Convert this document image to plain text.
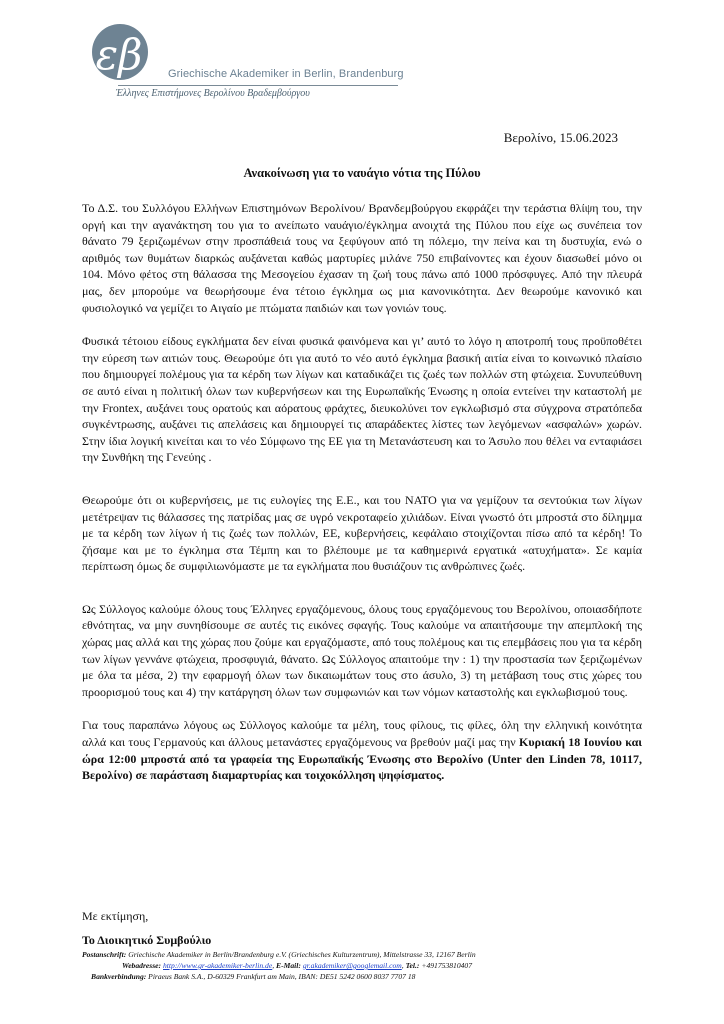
εβ Griechische Akademiker in Berlin, Brandenburg
Έλληνες Επιστήμονες Βερολίνου Βραδεμβούργου
Βερολίνο, 15.06.2023
Ανακοίνωση για το ναυάγιο νότια της Πύλου

Το Δ.Σ. του Συλλόγου Ελλήνων Επιστημόνων Βερολίνου/ Βρανδεμβούργου εκφράζει την τεράστια θλίψη του, την οργή και την αγανάκτηση του για το ανείπωτο ναυάγιο/έγκλημα ανοιχτά της Πύλου που είχε ως συνέπεια τον θάνατο 79 ξεριζωμένων στην προσπάθειά τους να ξεφύγουν από τη πόλεμο, την πείνα και τη δυστυχία, ενώ ο αριθμός των θυμάτων διαρκώς αυξάνεται καθώς μαρτυρίες μιλάνε 750 επιβαίνοντες και έχουν διασωθεί μόνο οι 104. Μόνο φέτος στη θάλασσα της Μεσογείου έχασαν τη ζωή τους πάνω από 1000 πρόσφυγες. Από την πλευρά μας, δεν μπορούμε να θεωρήσουμε ένα τέτοιο έγκλημα ως μια κανονικότητα. Δεν θεωρούμε κανονικό και φυσιολογικό να γεμίζει το Αιγαίο με πτώματα παιδιών και των γονιών τους.

Φυσικά τέτοιου είδους εγκλήματα δεν είναι φυσικά φαινόμενα και γι’ αυτό το λόγο η αποτροπή τους προϋποθέτει την εύρεση των αιτιών τους. Θεωρούμε ότι για αυτό το νέο αυτό έγκλημα βασική αιτία είναι το κοινωνικό πλαίσιο που δημιουργεί πολέμους για τα κέρδη των λίγων και καταδικάζει τις ζωές των πολλών στη φτώχεια. Συνυπεύθυνη σε αυτό είναι η πολιτική όλων των κυβερνήσεων και της Ευρωπαϊκής Ένωσης η οποία εντείνει την καταστολή με την Frontex, αυξάνει τους ορατούς και αόρατους φράχτες, διευκολύνει τον εγκλωβισμό στα σύγχρονα στρατόπεδα συγκέντρωσης, αυξάνει τις απελάσεις και δημιουργεί τις απαράδεκτες λίστες των λεγόμενων «ασφαλών» χωρών. Στην ίδια λογική κινείται και το νέο Σύμφωνο της ΕΕ για τη Μετανάστευση και το Άσυλο που θέλει να ενταφιάσει την Συνθήκη της Γενεύης .

Θεωρούμε ότι οι κυβερνήσεις, με τις ευλογίες της Ε.Ε., και του ΝΑΤΟ για να γεμίζουν τα σεντούκια των λίγων μετέτρεψαν τις θάλασσες της πατρίδας μας σε υγρό νεκροταφείο χιλιάδων. Είναι γνωστό ότι μπροστά στο δίλημμα με τα κέρδη των λίγων ή τις ζωές των πολλών, ΕΕ, κυβερνήσεις, κεφάλαιο στοιχίζονται πίσω από τα κέρδη! Το ζήσαμε και με το έγκλημα στα Τέμπη και το βλέπουμε με τα καθημερινά εργατικά «ατυχήματα». Σε καμία περίπτωση όμως δε συμφιλιωνόμαστε με τα εγκλήματα που θυσιάζουν τις ανθρώπινες ζωές.

Ως Σύλλογος καλούμε όλους τους Έλληνες εργαζόμενους, όλους τους εργαζόμενους του Βερολίνου, οποιασδήποτε εθνότητας, να μην συνηθίσουμε σε αυτές τις εικόνες σφαγής. Τους καλούμε να απαιτήσουμε την απεμπλοκή της χώρας μας αλλά και της χώρας που ζούμε και εργαζόμαστε, από τους πολέμους και τις επεμβάσεις που για τα κέρδη των λίγων γεννάνε φτώχεια, προσφυγιά, θάνατο. Ως Σύλλογος απαιτούμε την : 1) την προστασία των ξεριζωμένων με όλα τα μέσα, 2) την εφαρμογή όλων των δικαιωμάτων τους στο άσυλο, 3) τη μετάβαση τους στις χώρες του προορισμού τους και 4) την κατάργηση όλων των συμφωνιών και των νόμων καταστολής και εγκλωβισμού τους.

Για τους παραπάνω λόγους ως Σύλλογος καλούμε τα μέλη, τους φίλους, τις φίλες, όλη την ελληνική κοινότητα αλλά και τους Γερμανούς και άλλους μετανάστες εργαζόμενους να βρεθούν μαζί μας την Κυριακή 18 Ιουνίου και ώρα 12:00 μπροστά από τα γραφεία της Ευρωπαϊκής Ένωσης στο Βερολίνο (Unter den Linden 78, 10117, Βερολίνο) σε παράσταση διαμαρτυρίας και τοιχοκόλληση ψηφίσματος.

Με εκτίμηση,
Το Διοικητικό Συμβούλιο
Postanschrift: Griechische Akademiker in Berlin/Brandenburg e.V. (Griechisches Kulturzentrum), Mittelstrasse 33, 12167 Berlin
Webadresse: http://www.gr-akademiker-berlin.de, E-Mail: gr.akademiker@googlemail.com, Tel.: +491753810407
Bankverbindung: Piraeus Bank S.A., D-60329 Frankfurt am Main, IBAN: DE51 5242 0600 8037 7707 18
